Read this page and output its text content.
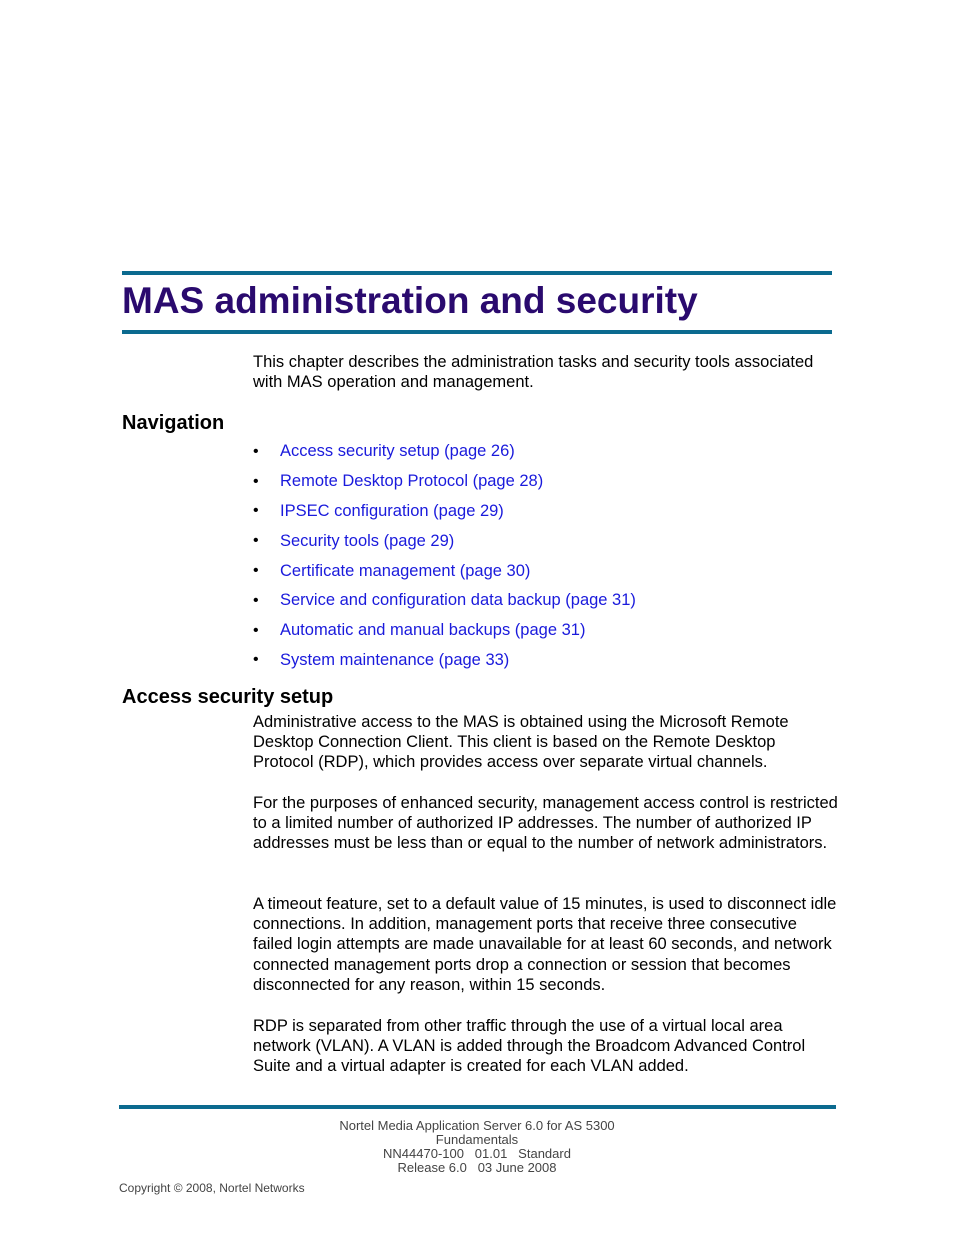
MAS administration and security

This chapter describes the administration tasks and security tools associated with MAS operation and management.

Navigation
•	Access security setup (page 26)
•	Remote Desktop Protocol (page 28)
•	IPSEC configuration (page 29)
•	Security tools (page 29)
•	Certificate management (page 30)
•	Service and configuration data backup (page 31)
•	Automatic and manual backups (page 31)
•	System maintenance (page 33)
Access security setup

Administrative access to the MAS is obtained using the Microsoft Remote Desktop Connection Client. This client is based on the Remote Desktop Protocol (RDP), which provides access over separate virtual channels.

For the purposes of enhanced security, management access control is restricted to a limited number of authorized IP addresses. The number of authorized IP addresses must be less than or equal to the number of network administrators.

A timeout feature, set to a default value of 15 minutes, is used to disconnect idle connections. In addition, management ports that receive three consecutive failed login attempts are made unavailable for at least 60 seconds, and network connected management ports drop a connection or session that becomes disconnected for any reason, within 15 seconds.

RDP is separated from other traffic through the use of a virtual local area network (VLAN). A VLAN is added through the Broadcom Advanced Control Suite and a virtual adapter is created for each VLAN added.

Nortel Media Application Server 6.0 for AS 5300
Fundamentals
NN44470-100   01.01   Standard
Release 6.0   03 June 2008
Copyright © 2008, Nortel Networks
